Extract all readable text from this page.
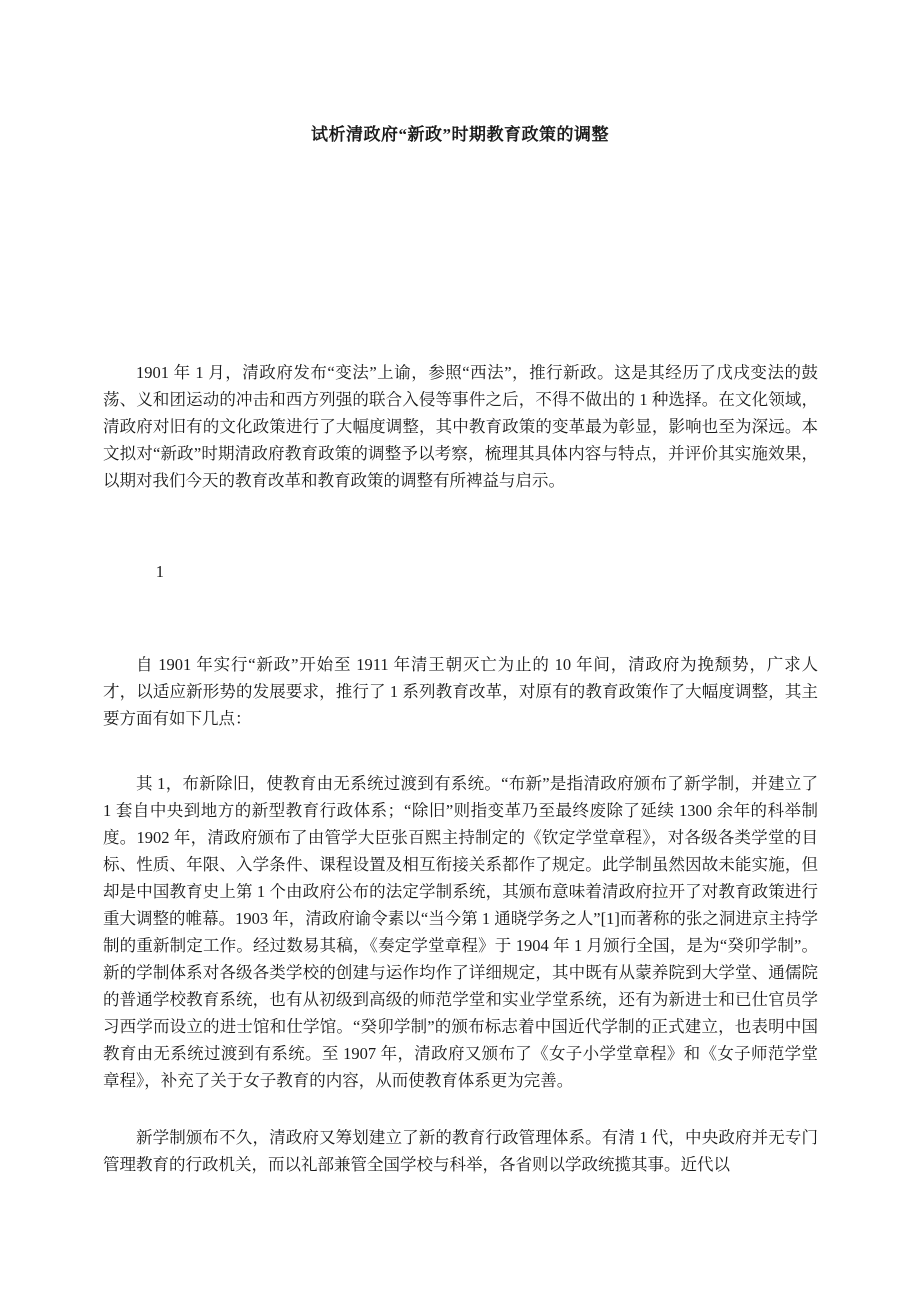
试析清政府“新政”时期教育政策的调整

1901 年 1 月，清政府发布“变法”上谕，参照“西法”，推行新政。这是其经历了戊戌变法的鼓荡、义和团运动的冲击和西方列强的联合入侵等事件之后，不得不做出的 1 种选择。在文化领域，清政府对旧有的文化政策进行了大幅度调整，其中教育政策的变革最为彰显，影响也至为深远。本文拟对“新政”时期清政府教育政策的调整予以考察，梳理其具体内容与特点，并评价其实施效果，以期对我们今天的教育改革和教育政策的调整有所裨益与启示。

1

自 1901 年实行“新政”开始至 1911 年清王朝灭亡为止的 10 年间，清政府为挽颓势，广求人才，以适应新形势的发展要求，推行了 1 系列教育改革，对原有的教育政策作了大幅度调整，其主要方面有如下几点：

其 1，布新除旧，使教育由无系统过渡到有系统。“布新”是指清政府颁布了新学制，并建立了 1 套自中央到地方的新型教育行政体系；“除旧”则指变革乃至最终废除了延续 1300 余年的科举制度。1902 年，清政府颁布了由管学大臣张百熙主持制定的《钦定学堂章程》，对各级各类学堂的目标、性质、年限、入学条件、课程设置及相互衔接关系都作了规定。此学制虽然因故未能实施，但却是中国教育史上第 1 个由政府公布的法定学制系统，其颁布意味着清政府拉开了对教育政策进行重大调整的帷幕。1903 年，清政府谕令素以“当今第 1 通晓学务之人”[1]而著称的张之洞进京主持学制的重新制定工作。经过数易其稿，《奏定学堂章程》于 1904 年 1 月颁行全国，是为“癸卯学制”。新的学制体系对各级各类学校的创建与运作均作了详细规定，其中既有从蒙养院到大学堂、通儒院的普通学校教育系统，也有从初级到高级的师范学堂和实业学堂系统，还有为新进士和已仕官员学习西学而设立的进士馆和仕学馆。“癸卯学制”的颁布标志着中国近代学制的正式建立，也表明中国教育由无系统过渡到有系统。至 1907 年，清政府又颁布了《女子小学堂章程》和《女子师范学堂章程》，补充了关于女子教育的内容，从而使教育体系更为完善。

新学制颁布不久，清政府又筹划建立了新的教育行政管理体系。有清 1 代，中央政府并无专门管理教育的行政机关，而以礼部兼管全国学校与科举，各省则以学政统揽其事。近代以
